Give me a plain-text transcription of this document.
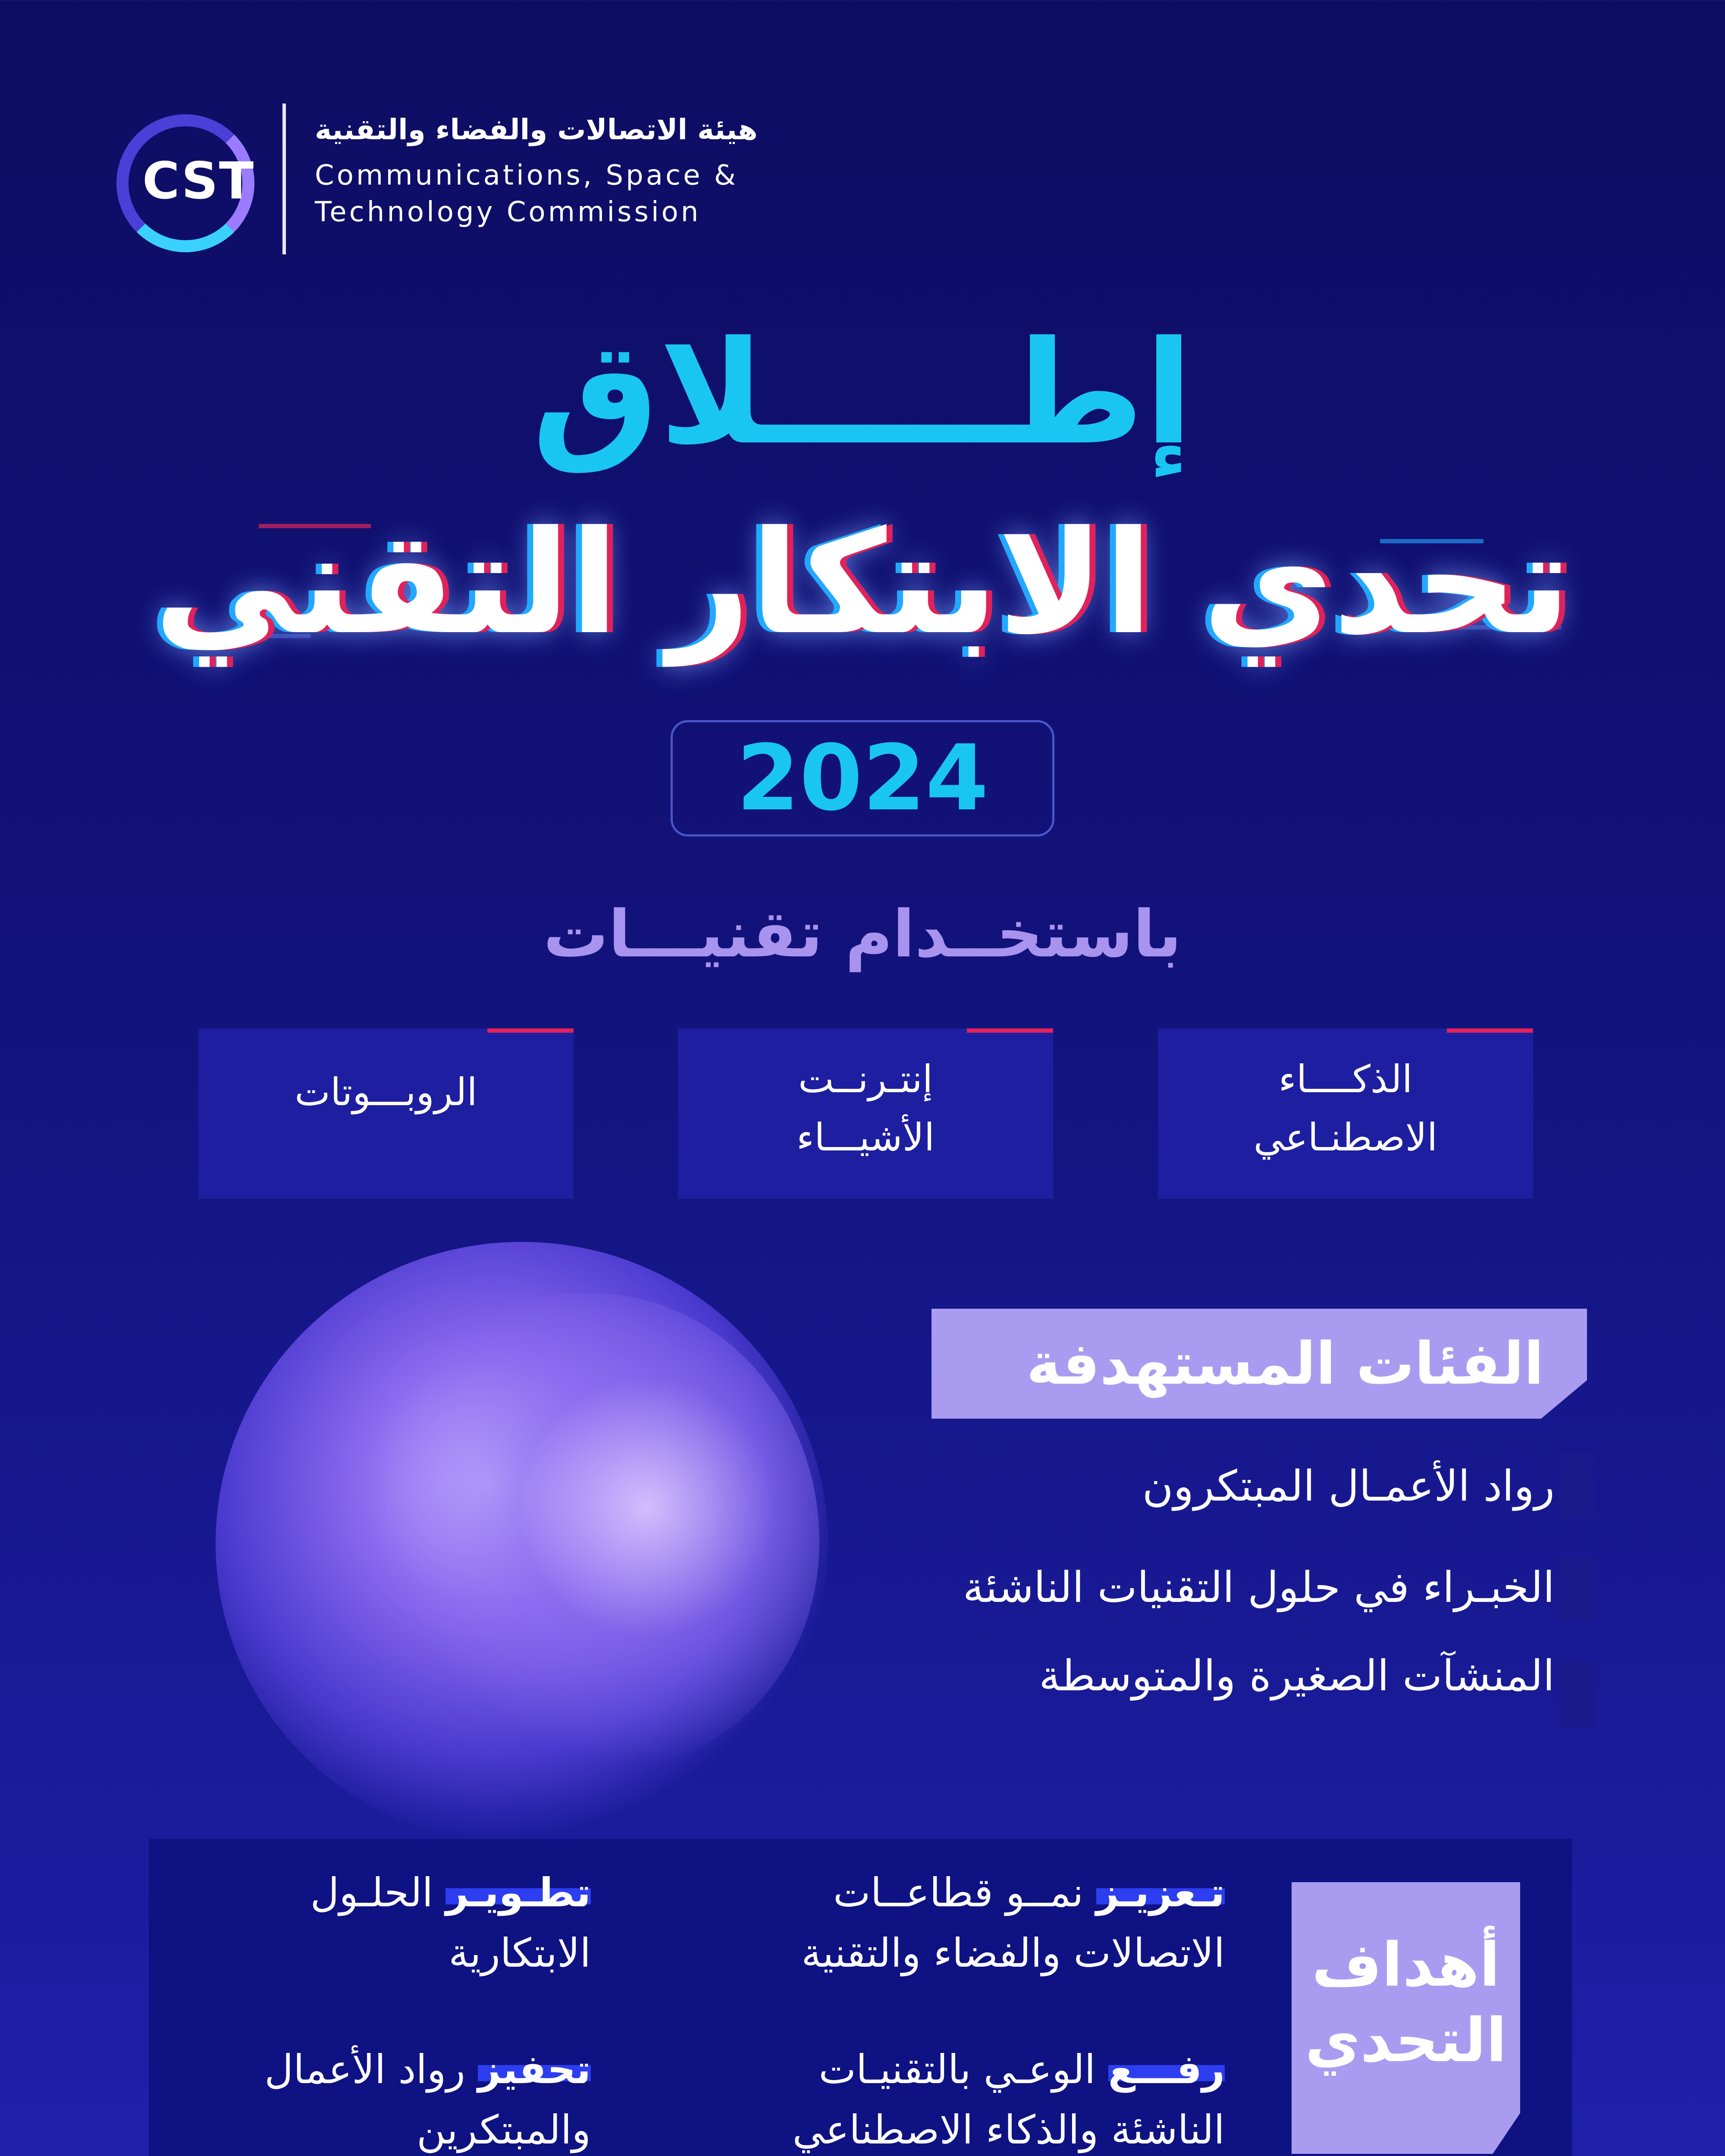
CST
هيئة الاتصالات والفضاء والتقنية
Communications, Space &
Technology Commission
إطـــــلاق
تحدي الابتكار التقني
2024
باستخــدام تقنيـــات
الذكــــاء
الاصطنـاعي
إنتـرنــت
الأشيـــاء
الروبـــوتات
الفئات المستهدفة
رواد الأعمـال المبتكرون
الخبـراء في حلول التقنيات الناشئة
المنشآت الصغيرة والمتوسطة
أهداف
التحدي
تـعزيـز نمــو قطاعــات
الاتصالات والفضاء والتقنية
تطـويـر الحلـول
الابتكارية
رفـــع الوعـي بالتقنيـات
الناشئة والذكاء الاصطناعي
تحفيز رواد الأعمال
والمبتكرين
